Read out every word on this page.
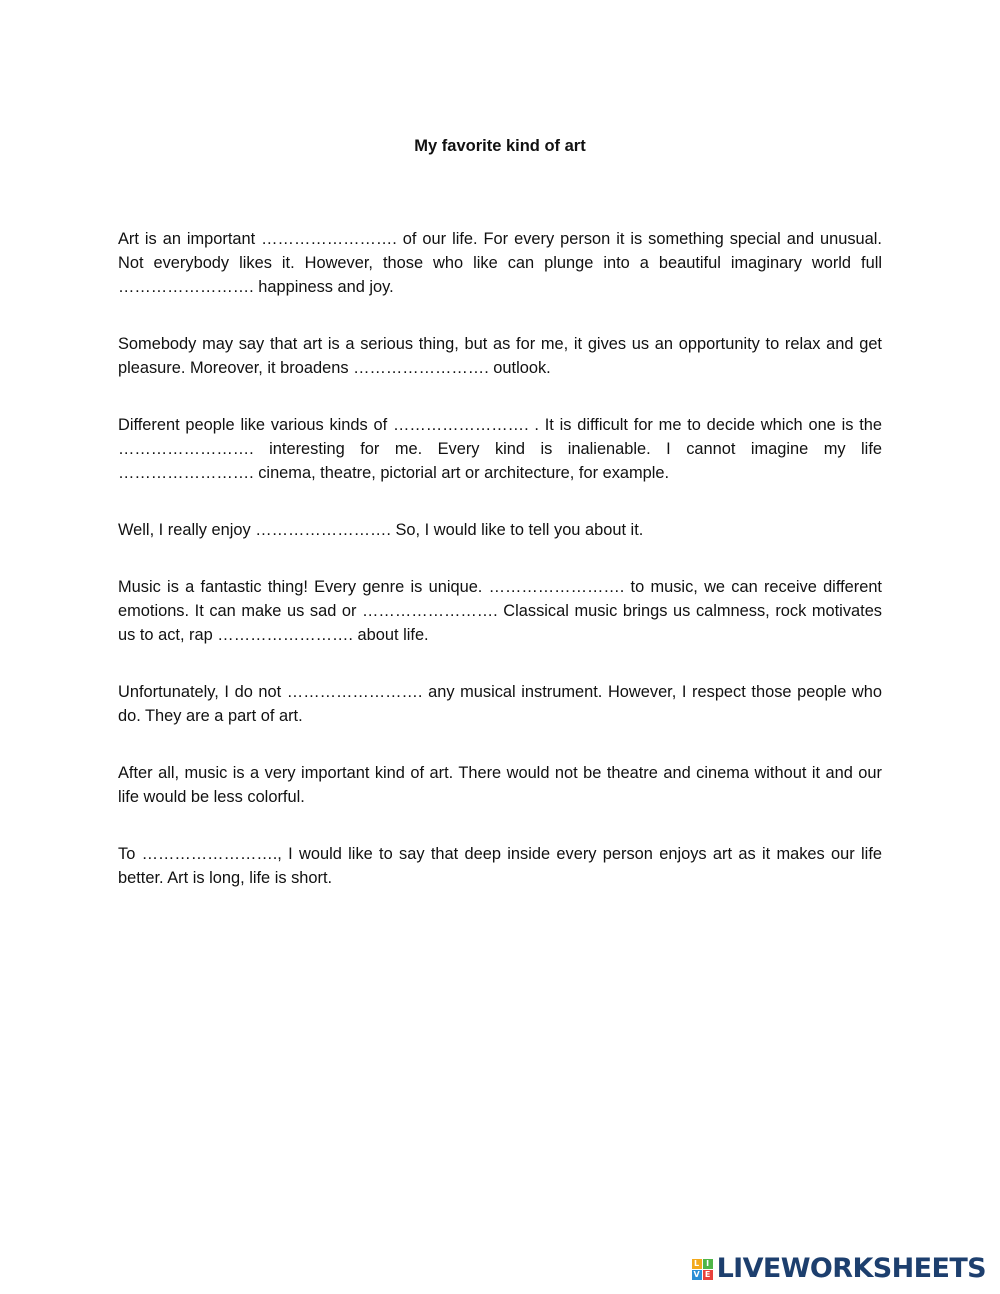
My favorite kind of art

Art is an important ……………………. of our life. For every person it is something special and unusual. Not everybody likes it. However, those who like can plunge into a beautiful imaginary world full ……………………. happiness and joy.

Somebody may say that art is a serious thing, but as for me, it gives us an opportunity to relax and get pleasure. Moreover, it broadens ……………………. outlook.

Different people like various kinds of ……………………. . It is difficult for me to decide which one is the ……………………. interesting for me. Every kind is inalienable. I cannot imagine my life ……………………. cinema, theatre, pictorial art or architecture, for example.

Well, I really enjoy ……………………. So, I would like to tell you about it.

Music is a fantastic thing! Every genre is unique. ……………………. to music, we can receive different emotions. It can make us sad or ……………………. Classical music brings us calmness, rock motivates us to act, rap ……………………. about life.

Unfortunately, I do not ……………………. any musical instrument. However, I respect those people who do. They are a part of art.

After all, music is a very important kind of art. There would not be theatre and cinema without it and our life would be less colorful.

To ……………………., I would like to say that deep inside every person enjoys art as it makes our life better. Art is long, life is short.

L I
V E LIVEWORKSHEETS
